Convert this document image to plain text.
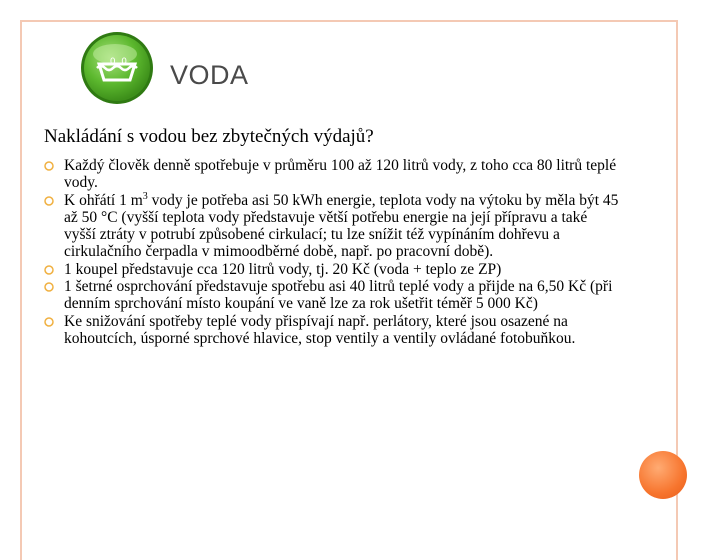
.0 .0 VODA
Nakládání s vodou bez zbytečných výdajů?
Každý člověk denně spotřebuje v průměru 100 až 120 litrů vody, z toho cca 80 litrů teplé vody.
K ohřátí 1 $m^3$ vody je potřeba asi 50 kWh energie, teplota vody na výtoku by měla být 45 až 50 °C (vyšší teplota vody představuje větší potřebu energie na její přípravu a také vyšší ztráty v potrubí způsobené cirkulací; tu lze snížit též vypínáním dohřevu a cirkulačního čerpadla v mimoodběrné době, např. po pracovní době).
1 koupel představuje cca 120 litrů vody, tj. 20 Kč (voda + teplo ze ZP)
1 šetrné osprchování představuje spotřebu asi 40 litrů teplé vody a přijde na 6,50 Kč (při denním sprchování místo koupání ve vaně lze za rok ušetřit téměř 5 000 Kč)
Ke snižování spotřeby teplé vody přispívají např. perlátory, které jsou osazené na kohoutcích, úsporné sprchové hlavice, stop ventily a ventily ovládané fotobuňkou.
